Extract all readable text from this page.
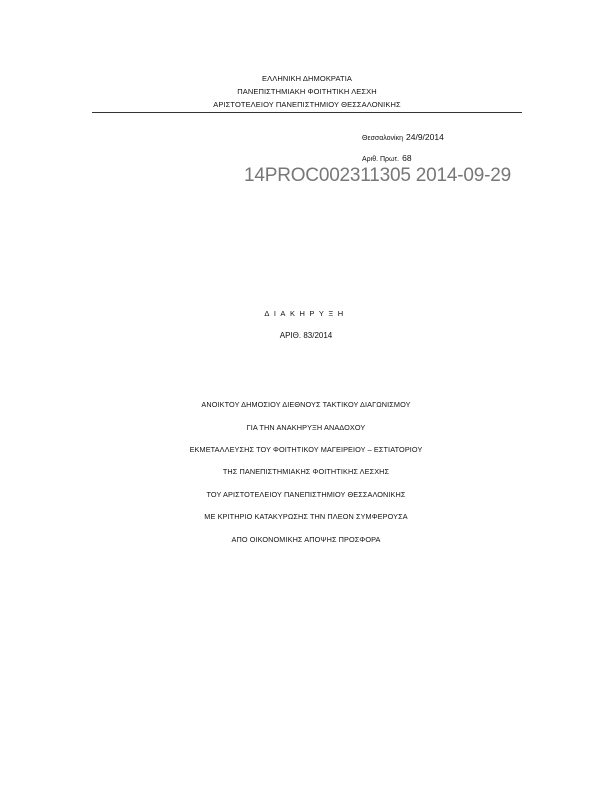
ΕΛΛΗΝΙΚΗ ΔΗΜΟΚΡΑΤΙΑ
ΠΑΝΕΠΙΣΤΗΜΙΑΚΗ ΦΟΙΤΗΤΙΚΗ ΛΕΣΧΗ
ΑΡΙΣΤΟΤΕΛΕΙΟΥ ΠΑΝΕΠΙΣΤΗΜΙΟΥ ΘΕΣΣΑΛΟΝΙΚΗΣ
Θεσσαλονίκη 24/9/2014
Αριθ. Πρωτ. 68
14PROC002311305 2014-09-29
ΔΙΑΚΗΡΥΞΗ
ΑΡΙΘ. 83/2014
ΑΝΟΙΚΤΟΥ ΔΗΜΟΣΙΟΥ ΔΙΕΘΝΟΥΣ ΤΑΚΤΙΚΟΥ ΔΙΑΓΩΝΙΣΜΟΥ
ΓΙΑ ΤΗΝ ΑΝΑΚΗΡΥΞΗ ΑΝΑΔΟΧΟΥ
ΕΚΜΕΤΑΛΛΕΥΣΗΣ ΤΟΥ ΦΟΙΤΗΤΙΚΟΥ ΜΑΓΕΙΡΕΙΟΥ – ΕΣΤΙΑΤΟΡΙΟΥ
ΤΗΣ ΠΑΝΕΠΙΣΤΗΜΙΑΚΗΣ ΦΟΙΤΗΤΙΚΗΣ ΛΕΣΧΗΣ
ΤΟΥ ΑΡΙΣΤΟΤΕΛΕΙΟΥ ΠΑΝΕΠΙΣΤΗΜΙΟΥ ΘΕΣΣΑΛΟΝΙΚΗΣ
ΜΕ ΚΡΙΤΗΡΙΟ ΚΑΤΑΚΥΡΩΣΗΣ ΤΗΝ ΠΛΕΟΝ ΣΥΜΦΕΡΟΥΣΑ
ΑΠΟ ΟΙΚΟΝΟΜΙΚΗΣ ΑΠΟΨΗΣ ΠΡΟΣΦΟΡΑ
